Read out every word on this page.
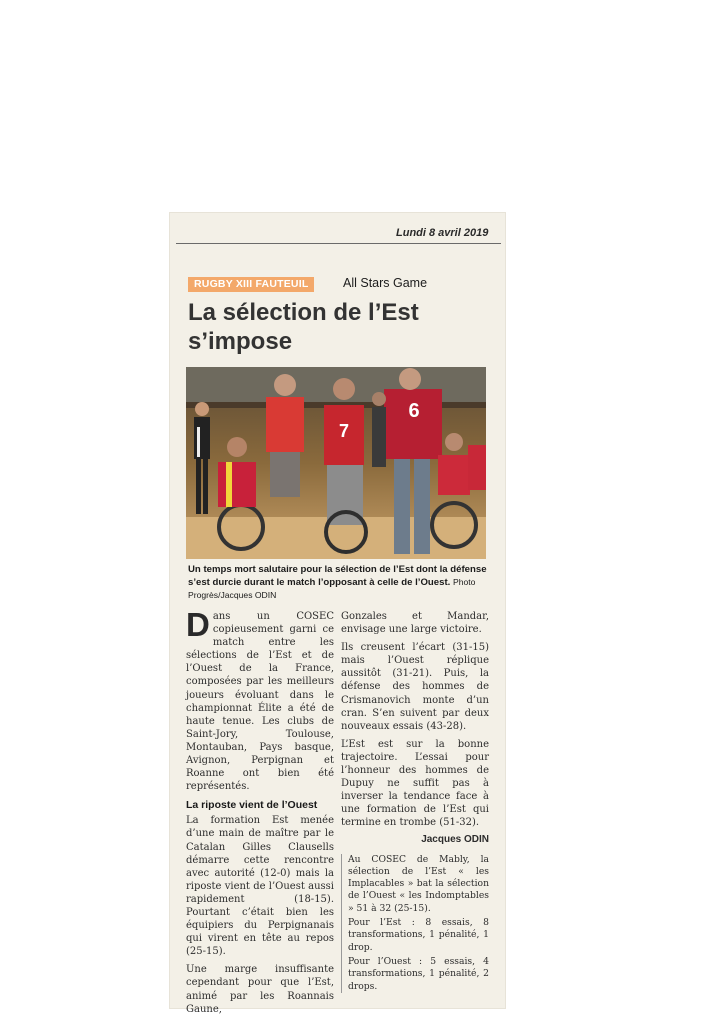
Lundi 8 avril 2019
RUGBY XIII FAUTEUIL	All Stars Game
La sélection de l’Est
s’impose
7
6
Un temps mort salutaire pour la sélection de l’Est dont la défense s’est durcie durant le match l’opposant à celle de l’Ouest. Photo Progrès/Jacques ODIN

Dans un COSEC copieusement garni ce match entre les sélections de l’Est et de l’Ouest de la France, composées par les meilleurs joueurs évoluant dans le championnat Élite a été de haute tenue. Les clubs de Saint-Jory, Toulouse, Montauban, Pays basque, Avignon, Perpignan et Roanne ont bien été représentés.

La riposte vient de l’Ouest

La formation Est menée d’une main de maître par le Catalan Gilles Clausells démarre cette rencontre avec autorité (12-0) mais la riposte vient de l’Ouest aussi rapidement (18-15). Pourtant c’était bien les équipiers du Perpignanais qui virent en tête au repos (25-15).

Une marge insuffisante cependant pour que l’Est, animé par les Roannais Gaune,

Gonzales et Mandar, envisage une large victoire.

Ils creusent l’écart (31-15) mais l’Ouest réplique aussitôt (31-21). Puis, la défense des hommes de Crismanovich monte d’un cran. S’en suivent par deux nouveaux essais (43-28).

L’Est est sur la bonne trajectoire. L’essai pour l’honneur des hommes de Dupuy ne suffit pas à inverser la tendance face à une formation de l’Est qui termine en trombe (51-32).

Jacques ODIN

Au COSEC de Mably, la sélection de l’Est « les Implacables » bat la sélection de l’Ouest « les Indomptables » 51 à 32 (25-15).

Pour l’Est : 8 essais, 8 transformations, 1 pénalité, 1 drop.

Pour l’Ouest : 5 essais, 4 transformations, 1 pénalité, 2 drops.
